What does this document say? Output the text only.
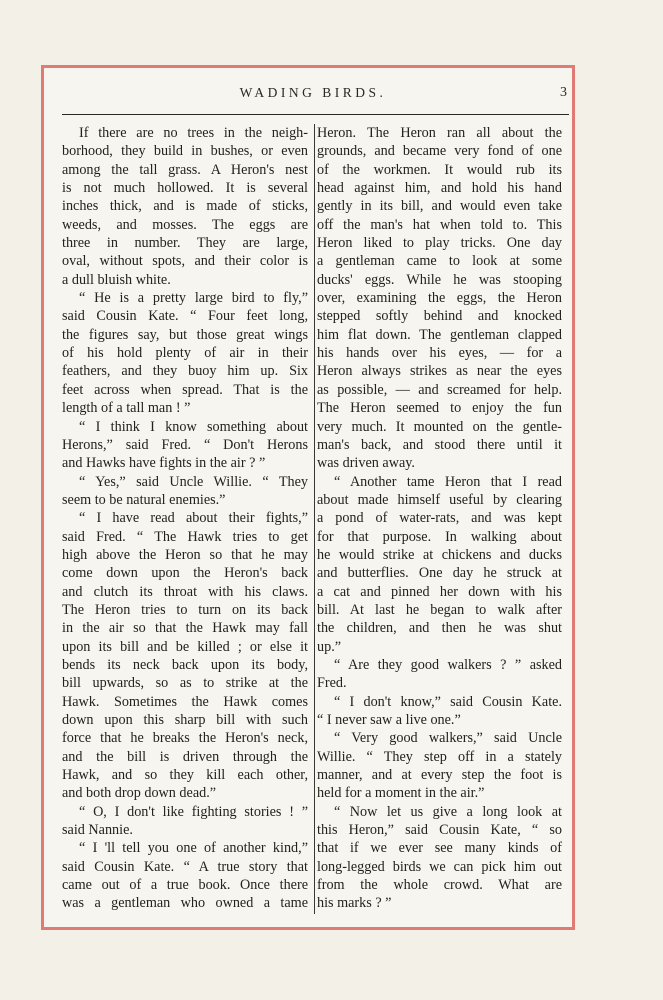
WADING BIRDS.	3
If there are no trees in the neigh-
borhood, they build in bushes, or even
among the tall grass. A Heron's nest
is not much hollowed. It is several
inches thick, and is made of sticks,
weeds, and mosses. The eggs are
three in number. They are large,
oval, without spots, and their color is
a dull bluish white.
“ He is a pretty large bird to fly,”
said Cousin Kate. “ Four feet long,
the figures say, but those great wings
of his hold plenty of air in their
feathers, and they buoy him up. Six
feet across when spread. That is the
length of a tall man ! ”
“ I think I know something about
Herons,” said Fred. “ Don't Herons
and Hawks have fights in the air ? ”
“ Yes,” said Uncle Willie. “ They
seem to be natural enemies.”
“ I have read about their fights,”
said Fred. “ The Hawk tries to get
high above the Heron so that he may
come down upon the Heron's back
and clutch its throat with his claws.
The Heron tries to turn on its back
in the air so that the Hawk may fall
upon its bill and be killed ; or else it
bends its neck back upon its body,
bill upwards, so as to strike at the
Hawk. Sometimes the Hawk comes
down upon this sharp bill with such
force that he breaks the Heron's neck,
and the bill is driven through the
Hawk, and so they kill each other,
and both drop down dead.”
“ O, I don't like fighting stories ! ”
said Nannie.
“ I 'll tell you one of another kind,”
said Cousin Kate. “ A true story that
came out of a true book. Once there
was a gentleman who owned a tame
Heron. The Heron ran all about the
grounds, and became very fond of one
of the workmen. It would rub its
head against him, and hold his hand
gently in its bill, and would even take
off the man's hat when told to. This
Heron liked to play tricks. One day
a gentleman came to look at some
ducks' eggs. While he was stooping
over, examining the eggs, the Heron
stepped softly behind and knocked
him flat down. The gentleman clapped
his hands over his eyes, — for a
Heron always strikes as near the eyes
as possible, — and screamed for help.
The Heron seemed to enjoy the fun
very much. It mounted on the gentle-
man's back, and stood there until it
was driven away.
“ Another tame Heron that I read
about made himself useful by clearing
a pond of water-rats, and was kept
for that purpose. In walking about
he would strike at chickens and ducks
and butterflies. One day he struck at
a cat and pinned her down with his
bill. At last he began to walk after
the children, and then he was shut
up.”
“ Are they good walkers ? ” asked
Fred.
“ I don't know,” said Cousin Kate.
“ I never saw a live one.”
“ Very good walkers,” said Uncle
Willie. “ They step off in a stately
manner, and at every step the foot is
held for a moment in the air.”
“ Now let us give a long look at
this Heron,” said Cousin Kate, “ so
that if we ever see many kinds of
long-legged birds we can pick him out
from the whole crowd. What are
his marks ? ”
